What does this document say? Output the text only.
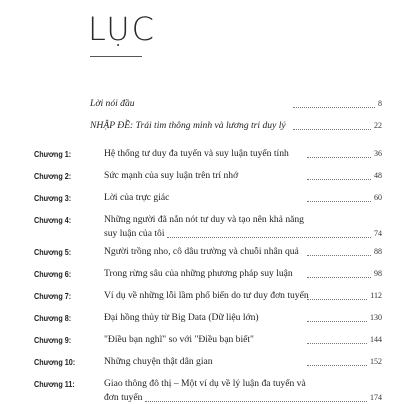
LỤC
Lời nói đầu	8
NHẬP ĐỀ: Trái tim thông minh và lương tri duy lý	22
Chương 1:	Hệ thống tư duy đa tuyến và suy luận tuyến tính	36
Chương 2:	Sức mạnh của suy luận trên trí nhớ	48
Chương 3:	Lời của trực giác	60
Chương 4:	Những người đã nắn nót tư duy và tạo nên khả năng
suy luận của tôi	74
Chương 5:	Người trồng nho, cô dâu trường và chuỗi nhân quả	88
Chương 6:	Trong rừng sâu của những phương pháp suy luận	98
Chương 7:	Ví dụ về những lỗi lầm phổ biến do tư duy đơn tuyến	112
Chương 8:	Đại hồng thủy từ Big Data (Dữ liệu lớn)	130
Chương 9:	"Điều bạn nghĩ" so với "Điều bạn biết"	144
Chương 10:	Những chuyện thật dân gian	152
Chương 11:	Giao thông đô thị – Một ví dụ về lý luận đa tuyến và
đơn tuyến	174
